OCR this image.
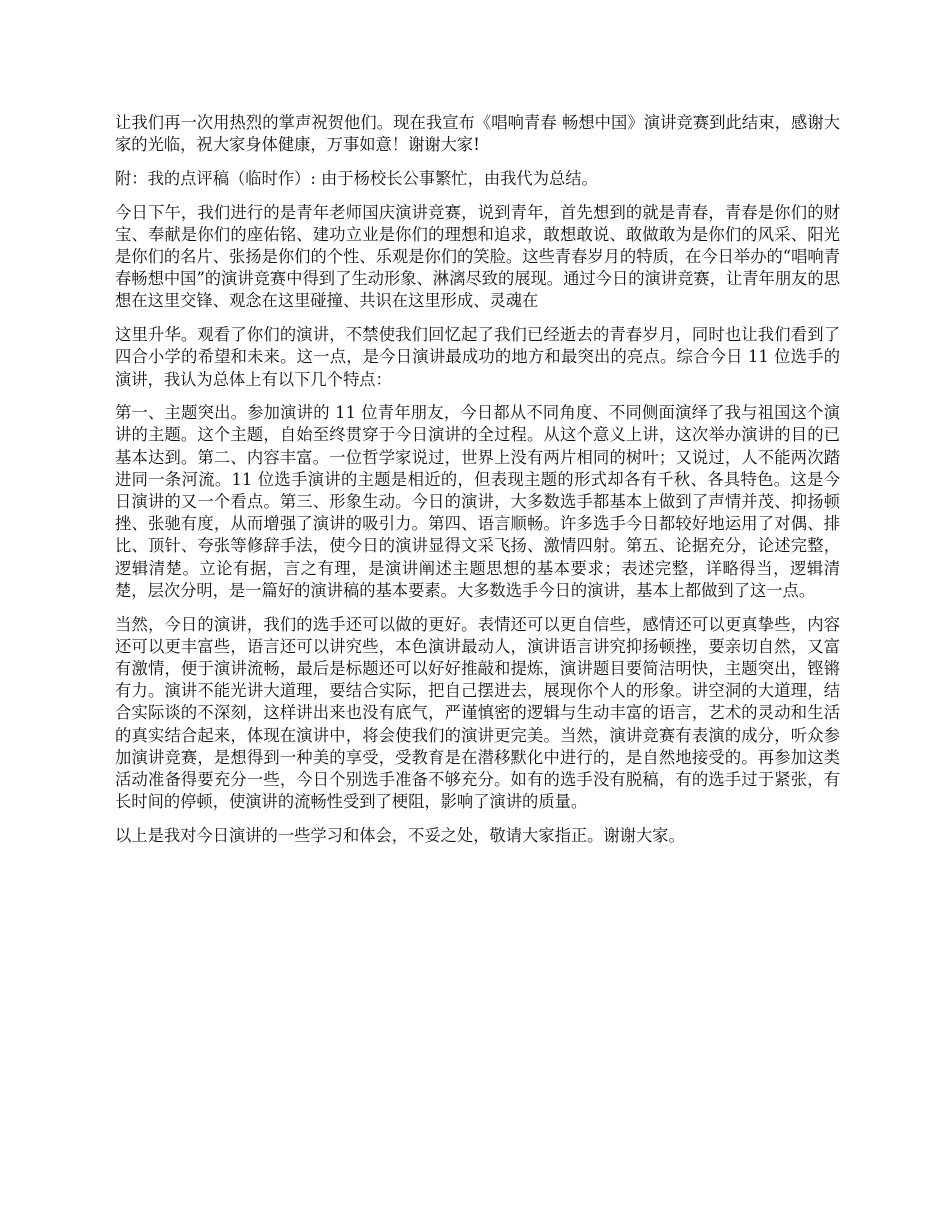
让我们再一次用热烈的掌声祝贺他们。现在我宣布《唱响青春 畅想中国》演讲竞赛到此结束，感谢大家的光临，祝大家身体健康，万事如意！谢谢大家!

附：我的点评稿（临时作）: 由于杨校长公事繁忙，由我代为总结。

今日下午，我们进行的是青年老师国庆演讲竞赛，说到青年，首先想到的就是青春，青春是你们的财宝、奉献是你们的座佑铭、建功立业是你们的理想和追求，敢想敢说、敢做敢为是你们的风采、阳光是你们的名片、张扬是你们的个性、乐观是你们的笑脸。这些青春岁月的特质，在今日举办的“唱响青春畅想中国”的演讲竞赛中得到了生动形象、淋漓尽致的展现。通过今日的演讲竞赛，让青年朋友的思想在这里交锋、观念在这里碰撞、共识在这里形成、灵魂在

这里升华。观看了你们的演讲，不禁使我们回忆起了我们已经逝去的青春岁月，同时也让我们看到了四合小学的希望和未来。这一点，是今日演讲最成功的地方和最突出的亮点。综合今日 11 位选手的演讲，我认为总体上有以下几个特点：

第一、主题突出。参加演讲的 11 位青年朋友，今日都从不同角度、不同侧面演绎了我与祖国这个演讲的主题。这个主题，自始至终贯穿于今日演讲的全过程。从这个意义上讲，这次举办演讲的目的已基本达到。第二、内容丰富。一位哲学家说过，世界上没有两片相同的树叶；又说过，人不能两次踏进同一条河流。11 位选手演讲的主题是相近的，但表现主题的形式却各有千秋、各具特色。这是今日演讲的又一个看点。第三、形象生动。今日的演讲，大多数选手都基本上做到了声情并茂、抑扬顿挫、张驰有度，从而增强了演讲的吸引力。第四、语言顺畅。许多选手今日都较好地运用了对偶、排比、顶针、夸张等修辞手法，使今日的演讲显得文采飞扬、激情四射。第五、论据充分，论述完整，逻辑清楚。立论有据，言之有理，是演讲阐述主题思想的基本要求；表述完整，详略得当，逻辑清楚，层次分明，是一篇好的演讲稿的基本要素。大多数选手今日的演讲，基本上都做到了这一点。

当然，今日的演讲，我们的选手还可以做的更好。表情还可以更自信些，感情还可以更真挚些，内容还可以更丰富些，语言还可以讲究些，本色演讲最动人，演讲语言讲究抑扬顿挫，要亲切自然，又富有激情，便于演讲流畅，最后是标题还可以好好推敲和提炼，演讲题目要简洁明快，主题突出，铿锵有力。演讲不能光讲大道理，要结合实际，把自己摆进去，展现你个人的形象。讲空洞的大道理，结合实际谈的不深刻，这样讲出来也没有底气，严谨慎密的逻辑与生动丰富的语言，艺术的灵动和生活的真实结合起来，体现在演讲中，将会使我们的演讲更完美。当然，演讲竞赛有表演的成分，听众参加演讲竞赛，是想得到一种美的享受，受教育是在潜移默化中进行的，是自然地接受的。再参加这类活动准备得要充分一些，今日个别选手准备不够充分。如有的选手没有脱稿，有的选手过于紧张，有长时间的停顿，使演讲的流畅性受到了梗阻，影响了演讲的质量。

以上是我对今日演讲的一些学习和体会，不妥之处，敬请大家指正。谢谢大家。
